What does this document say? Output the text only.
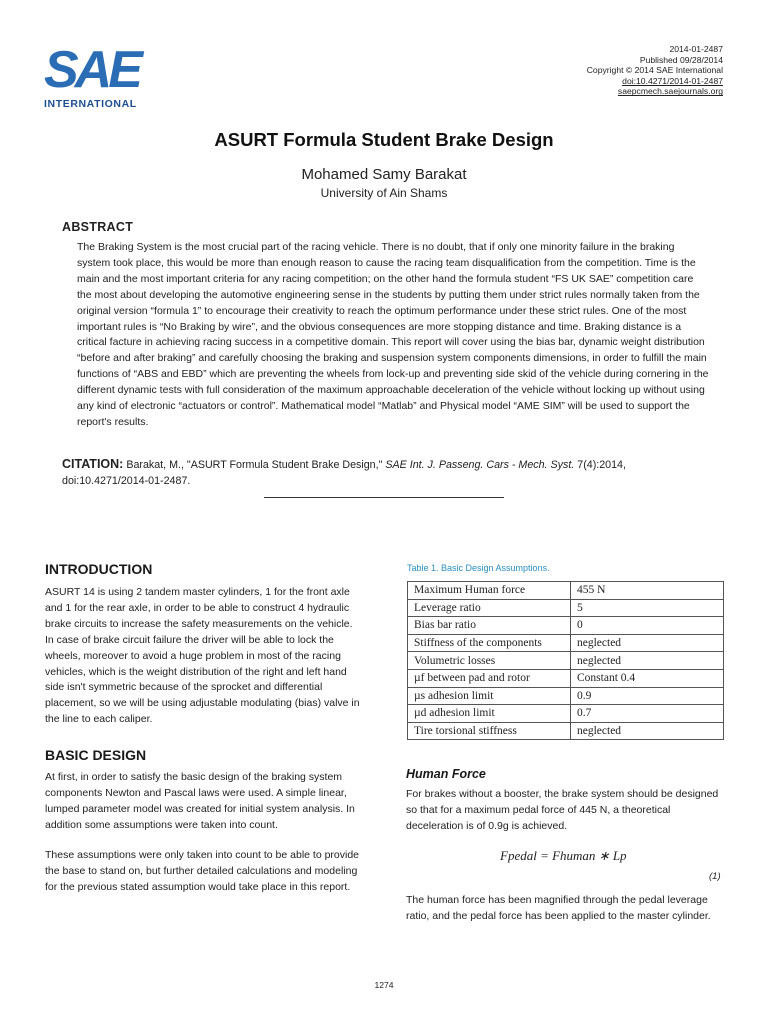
SAE
INTERNATIONAL
2014-01-2487
Published 09/28/2014
Copyright © 2014 SAE International
doi:10.4271/2014-01-2487
saepcmech.saejournals.org
ASURT Formula Student Brake Design
Mohamed Samy Barakat
University of Ain Shams
ABSTRACT
The Braking System is the most crucial part of the racing vehicle. There is no doubt, that if only one minority failure in the braking system took place, this would be more than enough reason to cause the racing team disqualification from the competition. Time is the main and the most important criteria for any racing competition; on the other hand the formula student “FS UK SAE” competition care the most about developing the automotive engineering sense in the students by putting them under strict rules normally taken from the original version “formula 1” to encourage their creativity to reach the optimum performance under these strict rules. One of the most important rules is “No Braking by wire”, and the obvious consequences are more stopping distance and time. Braking distance is a critical facture in achieving racing success in a competitive domain. This report will cover using the bias bar, dynamic weight distribution “before and after braking” and carefully choosing the braking and suspension system components dimensions, in order to fulfill the main functions of “ABS and EBD” which are preventing the wheels from lock-up and preventing side skid of the vehicle during cornering in the different dynamic tests with full consideration of the maximum approachable deceleration of the vehicle without locking up without using any kind of electronic “actuators or control”. Mathematical model “Matlab” and Physical model “AME SIM” will be used to support the report's results.
CITATION: Barakat, M., "ASURT Formula Student Brake Design," SAE Int. J. Passeng. Cars - Mech. Syst. 7(4):2014,
doi:10.4271/2014-01-2487.
INTRODUCTION
ASURT 14 is using 2 tandem master cylinders, 1 for the front axle and 1 for the rear axle, in order to be able to construct 4 hydraulic brake circuits to increase the safety measurements on the vehicle. In case of brake circuit failure the driver will be able to lock the wheels, moreover to avoid a huge problem in most of the racing vehicles, which is the weight distribution of the right and left hand side isn't symmetric because of the sprocket and differential placement, so we will be using adjustable modulating (bias) valve in the line to each caliper.
BASIC DESIGN
At first, in order to satisfy the basic design of the braking system components Newton and Pascal laws were used. A simple linear, lumped parameter model was created for initial system analysis. In addition some assumptions were taken into count.
These assumptions were only taken into count to be able to provide the base to stand on, but further detailed calculations and modeling for the previous stated assumption would take place in this report.
Table 1. Basic Design Assumptions.
Maximum Human force	455 N
Leverage ratio	5
Bias bar ratio	0
Stiffness of the components	neglected
Volumetric losses	neglected
µf between pad and rotor	Constant 0.4
µs adhesion limit	0.9
µd adhesion limit	0.7
Tire torsional stiffness	neglected
Human Force
For brakes without a booster, the brake system should be designed so that for a maximum pedal force of 445 N, a theoretical deceleration is of 0.9g is achieved.
Fpedal = Fhuman ∗ Lp
(1)
The human force has been magnified through the pedal leverage ratio, and the pedal force has been applied to the master cylinder.
1274
